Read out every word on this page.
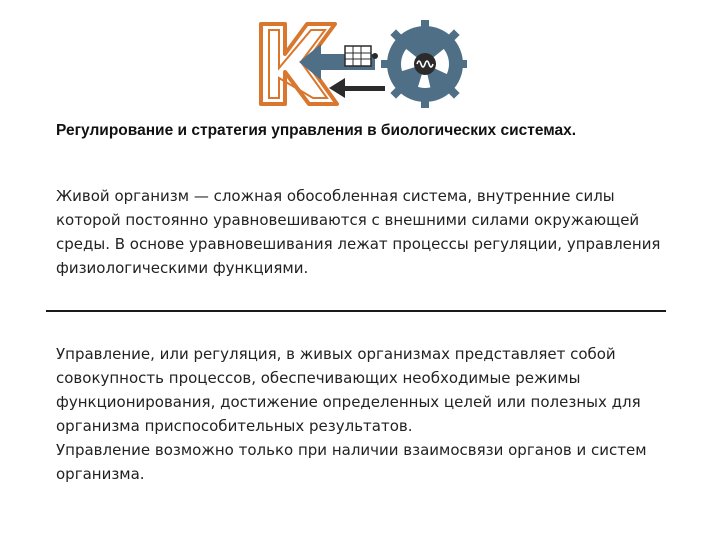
Регулирование и стратегия управления в биологических системах.

Живой организм — сложная обособленная система, внутренние силы которой постоянно уравновешиваются с внешними силами окружающей среды. В основе уравновешивания лежат процессы регуляции, управления физиологическими функциями.

Управление, или регуляция, в живых организмах представляет собой совокупность процессов, обеспечивающих необходимые режимы функционирования, достижение определенных целей или полезных для организма приспособительных результатов.

Управление возможно только при наличии взаимосвязи органов и систем организма.
